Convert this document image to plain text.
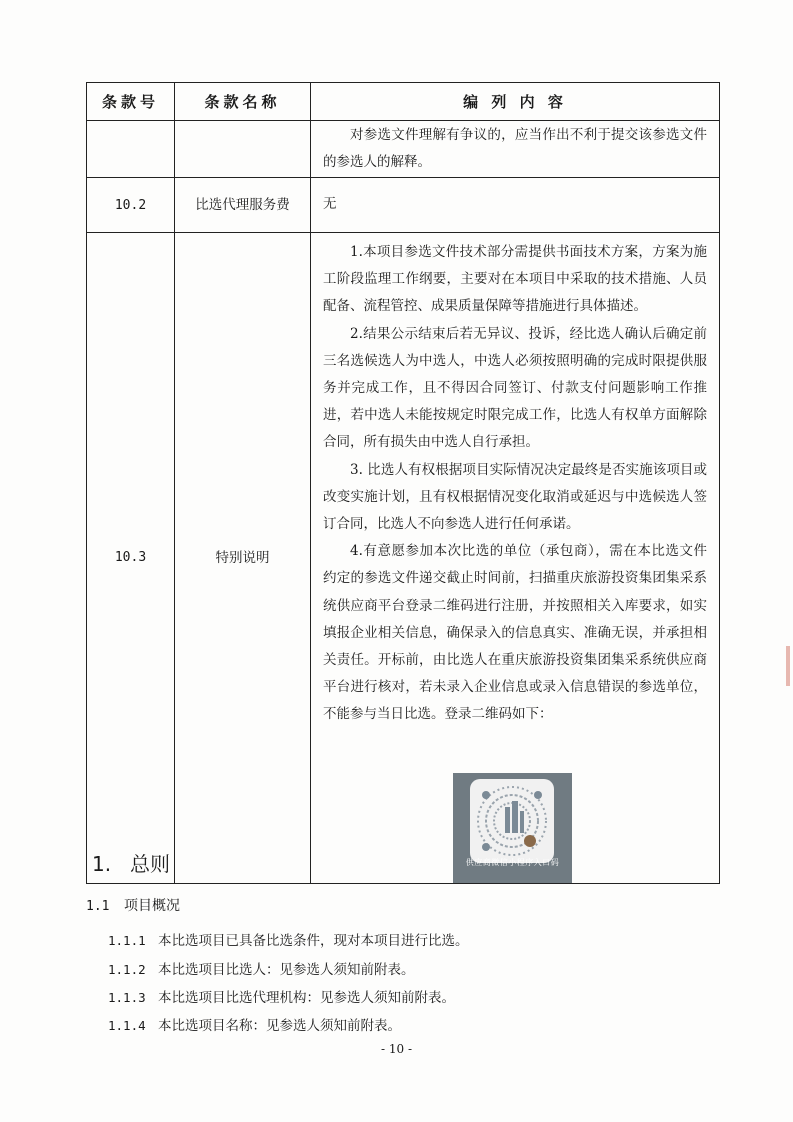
条款号	条款名称	编 列 内 容

		对参选文件理解有争议的，应当作出不利于提交该参选文件的参选人的解释。

10.2	比选代理服务费	无

10.3	特别说明	1.本项目参选文件技术部分需提供书面技术方案，方案为施工阶段监理工作纲要，主要对在本项目中采取的技术措施、人员配备、流程管控、成果质量保障等措施进行具体描述。

2.结果公示结束后若无异议、投诉，经比选人确认后确定前三名选候选人为中选人，中选人必须按照明确的完成时限提供服务并完成工作，且不得因合同签订、付款支付问题影响工作推进，若中选人未能按规定时限完成工作，比选人有权单方面解除合同，所有损失由中选人自行承担。

3. 比选人有权根据项目实际情况决定最终是否实施该项目或改变实施计划，且有权根据情况变化取消或延迟与中选候选人签订合同，比选人不向参选人进行任何承诺。

4.有意愿参加本次比选的单位（承包商），需在本比选文件约定的参选文件递交截止时间前，扫描重庆旅游投资集团集采系统供应商平台登录二维码进行注册，并按照相关入库要求，如实填报企业相关信息，确保录入的信息真实、准确无误，并承担相关责任。开标前，由比选人在重庆旅游投资集团集采系统供应商平台进行核对，若未录入企业信息或录入信息错误的参选单位，不能参与当日比选。登录二维码如下：

供应商微信小程序入口码
1. 总则
1.1 项目概况
1.1.1 本比选项目已具备比选条件，现对本项目进行比选。
1.1.2 本比选项目比选人：见参选人须知前附表。
1.1.3 本比选项目比选代理机构：见参选人须知前附表。
1.1.4 本比选项目名称：见参选人须知前附表。
- 10 -
